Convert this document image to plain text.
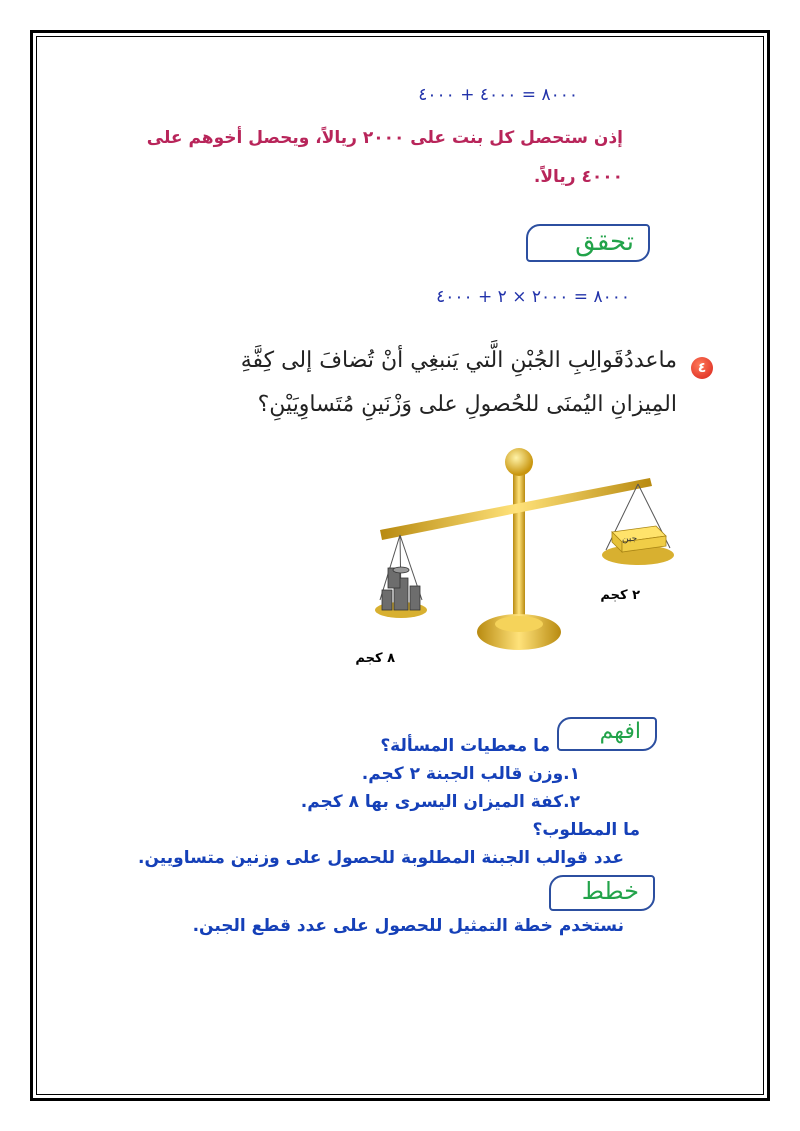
٨٠٠٠ = ٤٠٠٠ + ٤٠٠٠
إذن ستحصل كل بنت على ٢٠٠٠ ريالاً، ويحصل أخوهم على
٤٠٠٠ ريالاً.
تحقق
٨٠٠٠ = ٢٠٠٠ × ٢ + ٤٠٠٠
٤
ماعددُقَوالِبِ الجُبْنِ الَّتي يَنبغِي أنْ تُضافَ إلى كِفَّةِ
المِيزانِ اليُمنَى للحُصولِ على وَزْنَينِ مُتَساوِيَيْنِ؟
جبن
٢ كجم
٨ كجم
افهم
ما معطيات المسألة؟
١.وزن قالب الجبنة ٢ كجم.
٢.كفة الميزان اليسرى بها ٨ كجم.
ما المطلوب؟
عدد قوالب الجبنة المطلوبة للحصول على وزنين متساويين.
خطط
نستخدم خطة التمثيل للحصول على عدد قطع الجبن.
